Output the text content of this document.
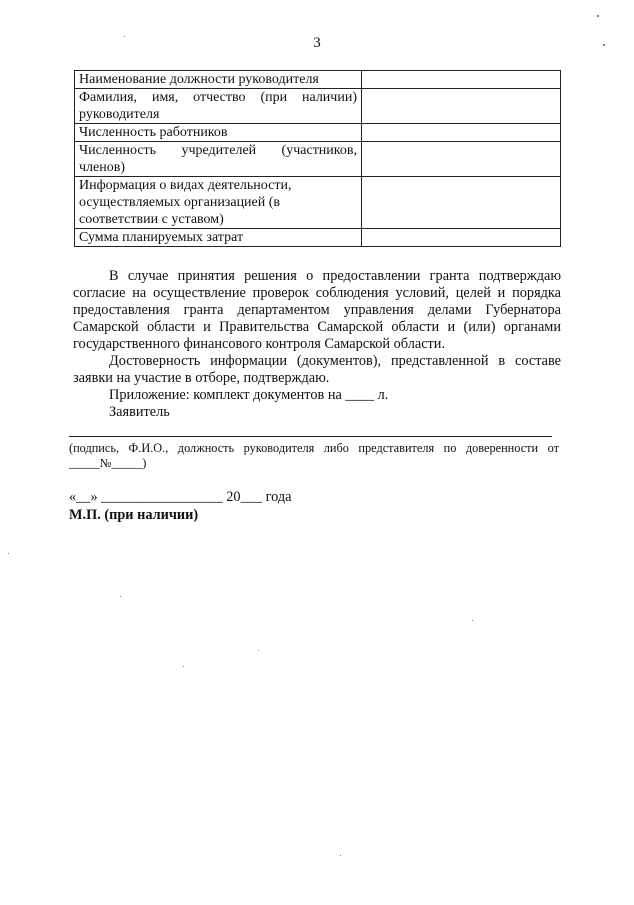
3
Наименование должности руководителя	
Фамилия, имя, отчество (при наличии) руководителя	
Численность работников	
Численность учредителей (участников, членов)	
Информация о видах деятельности, осуществляемых организацией (в соответствии с уставом)	
Сумма планируемых затрат	

В случае принятия решения о предоставлении гранта подтверждаю согласие на осуществление проверок соблюдения условий, целей и порядка предоставления гранта департаментом управления делами Губернатора Самарской области и Правительства Самарской области и (или) органами государственного финансового контроля Самарской области.

Достоверность информации (документов), представленной в составе заявки на участие в отборе, подтверждаю.

Приложение: комплект документов на ____ л.

Заявитель

(подпись, Ф.И.О., должность руководителя либо представителя по доверенности от _____№_____)
«__» _________________ 20___ года
М.П. (при наличии)
